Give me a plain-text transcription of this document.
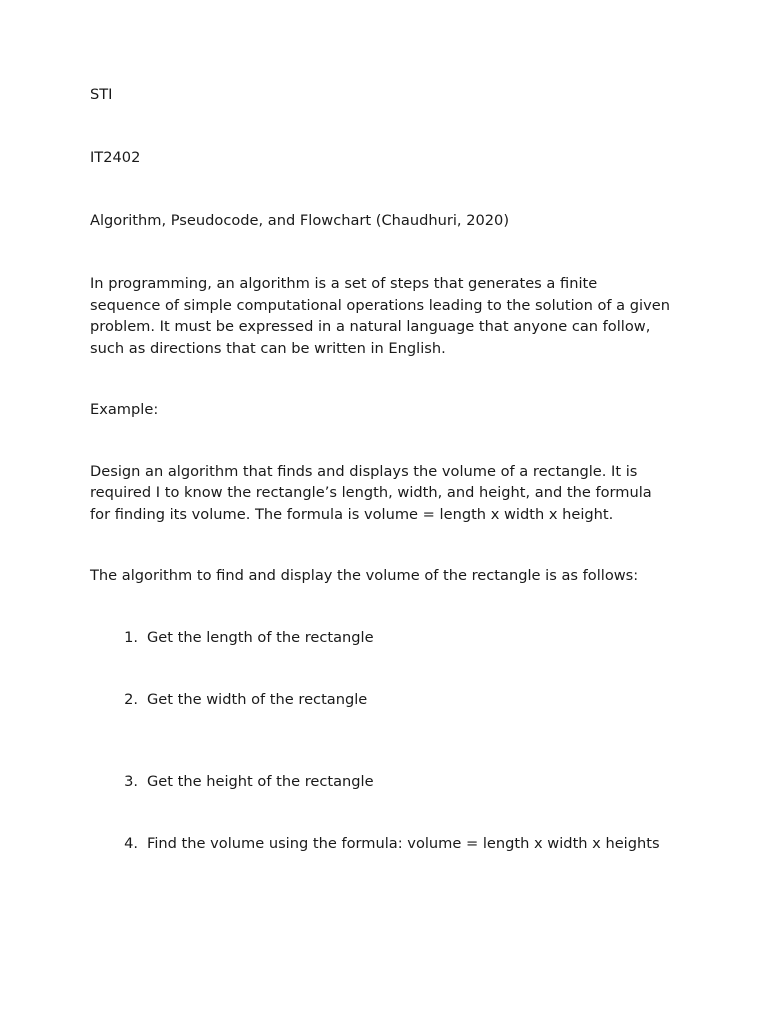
STI

IT2402

Algorithm, Pseudocode, and Flowchart (Chaudhuri, 2020)

In programming, an algorithm is a set of steps that generates a finite sequence of simple computational operations leading to the solution of a given problem. It must be expressed in a natural language that anyone can follow, such as directions that can be written in English.

Example:

Design an algorithm that finds and displays the volume of a rectangle. It is required I to know the rectangle’s length, width, and height, and the formula for finding its volume. The formula is volume = length x width x height.

The algorithm to find and display the volume of the rectangle is as follows:

1. Get the length of the rectangle
2. Get the width of the rectangle
3. Get the height of the rectangle
4. Find the volume using the formula: volume = length x width x heights
